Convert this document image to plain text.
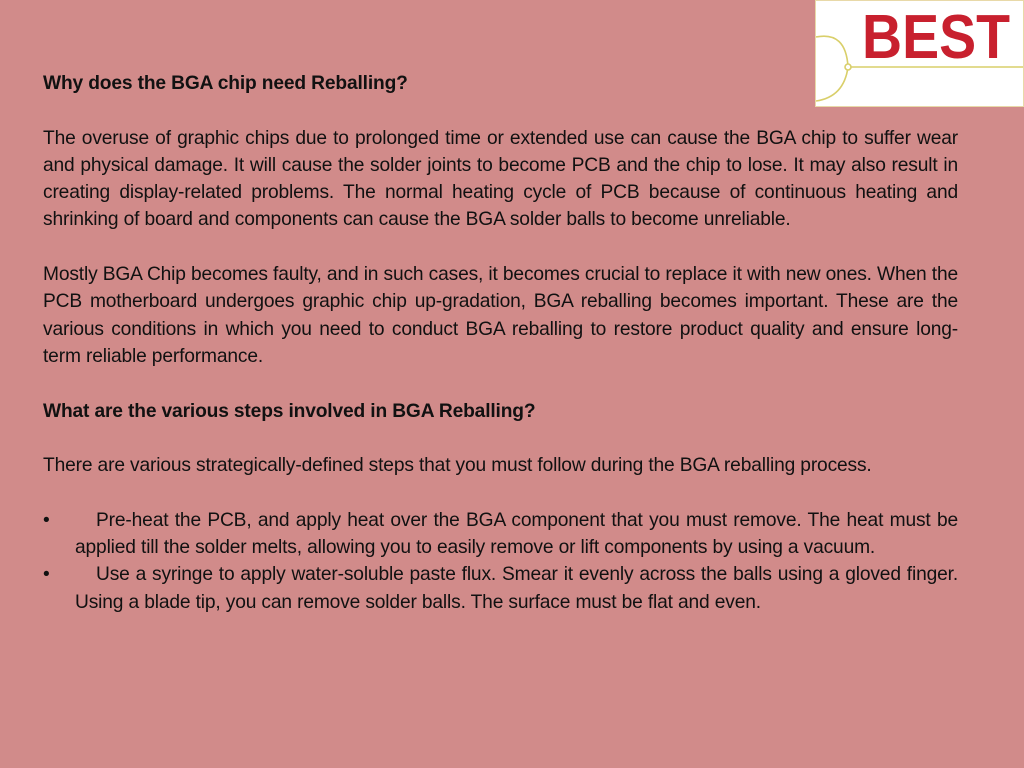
BEST
Why does the BGA chip need Reballing?

The overuse of graphic chips due to prolonged time or extended use can cause the BGA chip to suffer wear and physical damage. It will cause the solder joints to become PCB and the chip to lose. It may also result in creating display-related problems. The normal heating cycle of PCB because of continuous heating and shrinking of board and components can cause the BGA solder balls to become unreliable.

Mostly BGA Chip becomes faulty, and in such cases, it becomes crucial to replace it with new ones. When the PCB motherboard undergoes graphic chip up-gradation, BGA reballing becomes important. These are the various conditions in which you need to conduct BGA reballing to restore product quality and ensure long-term reliable performance.

What are the various steps involved in BGA Reballing?

There are various strategically-defined steps that you must follow during the BGA reballing process.

•	Pre-heat the PCB, and apply heat over the BGA component that you must remove. The heat must be applied till the solder melts, allowing you to easily remove or lift components by using a vacuum.
•	Use a syringe to apply water-soluble paste flux. Smear it evenly across the balls using a gloved finger. Using a blade tip, you can remove solder balls. The surface must be flat and even.
